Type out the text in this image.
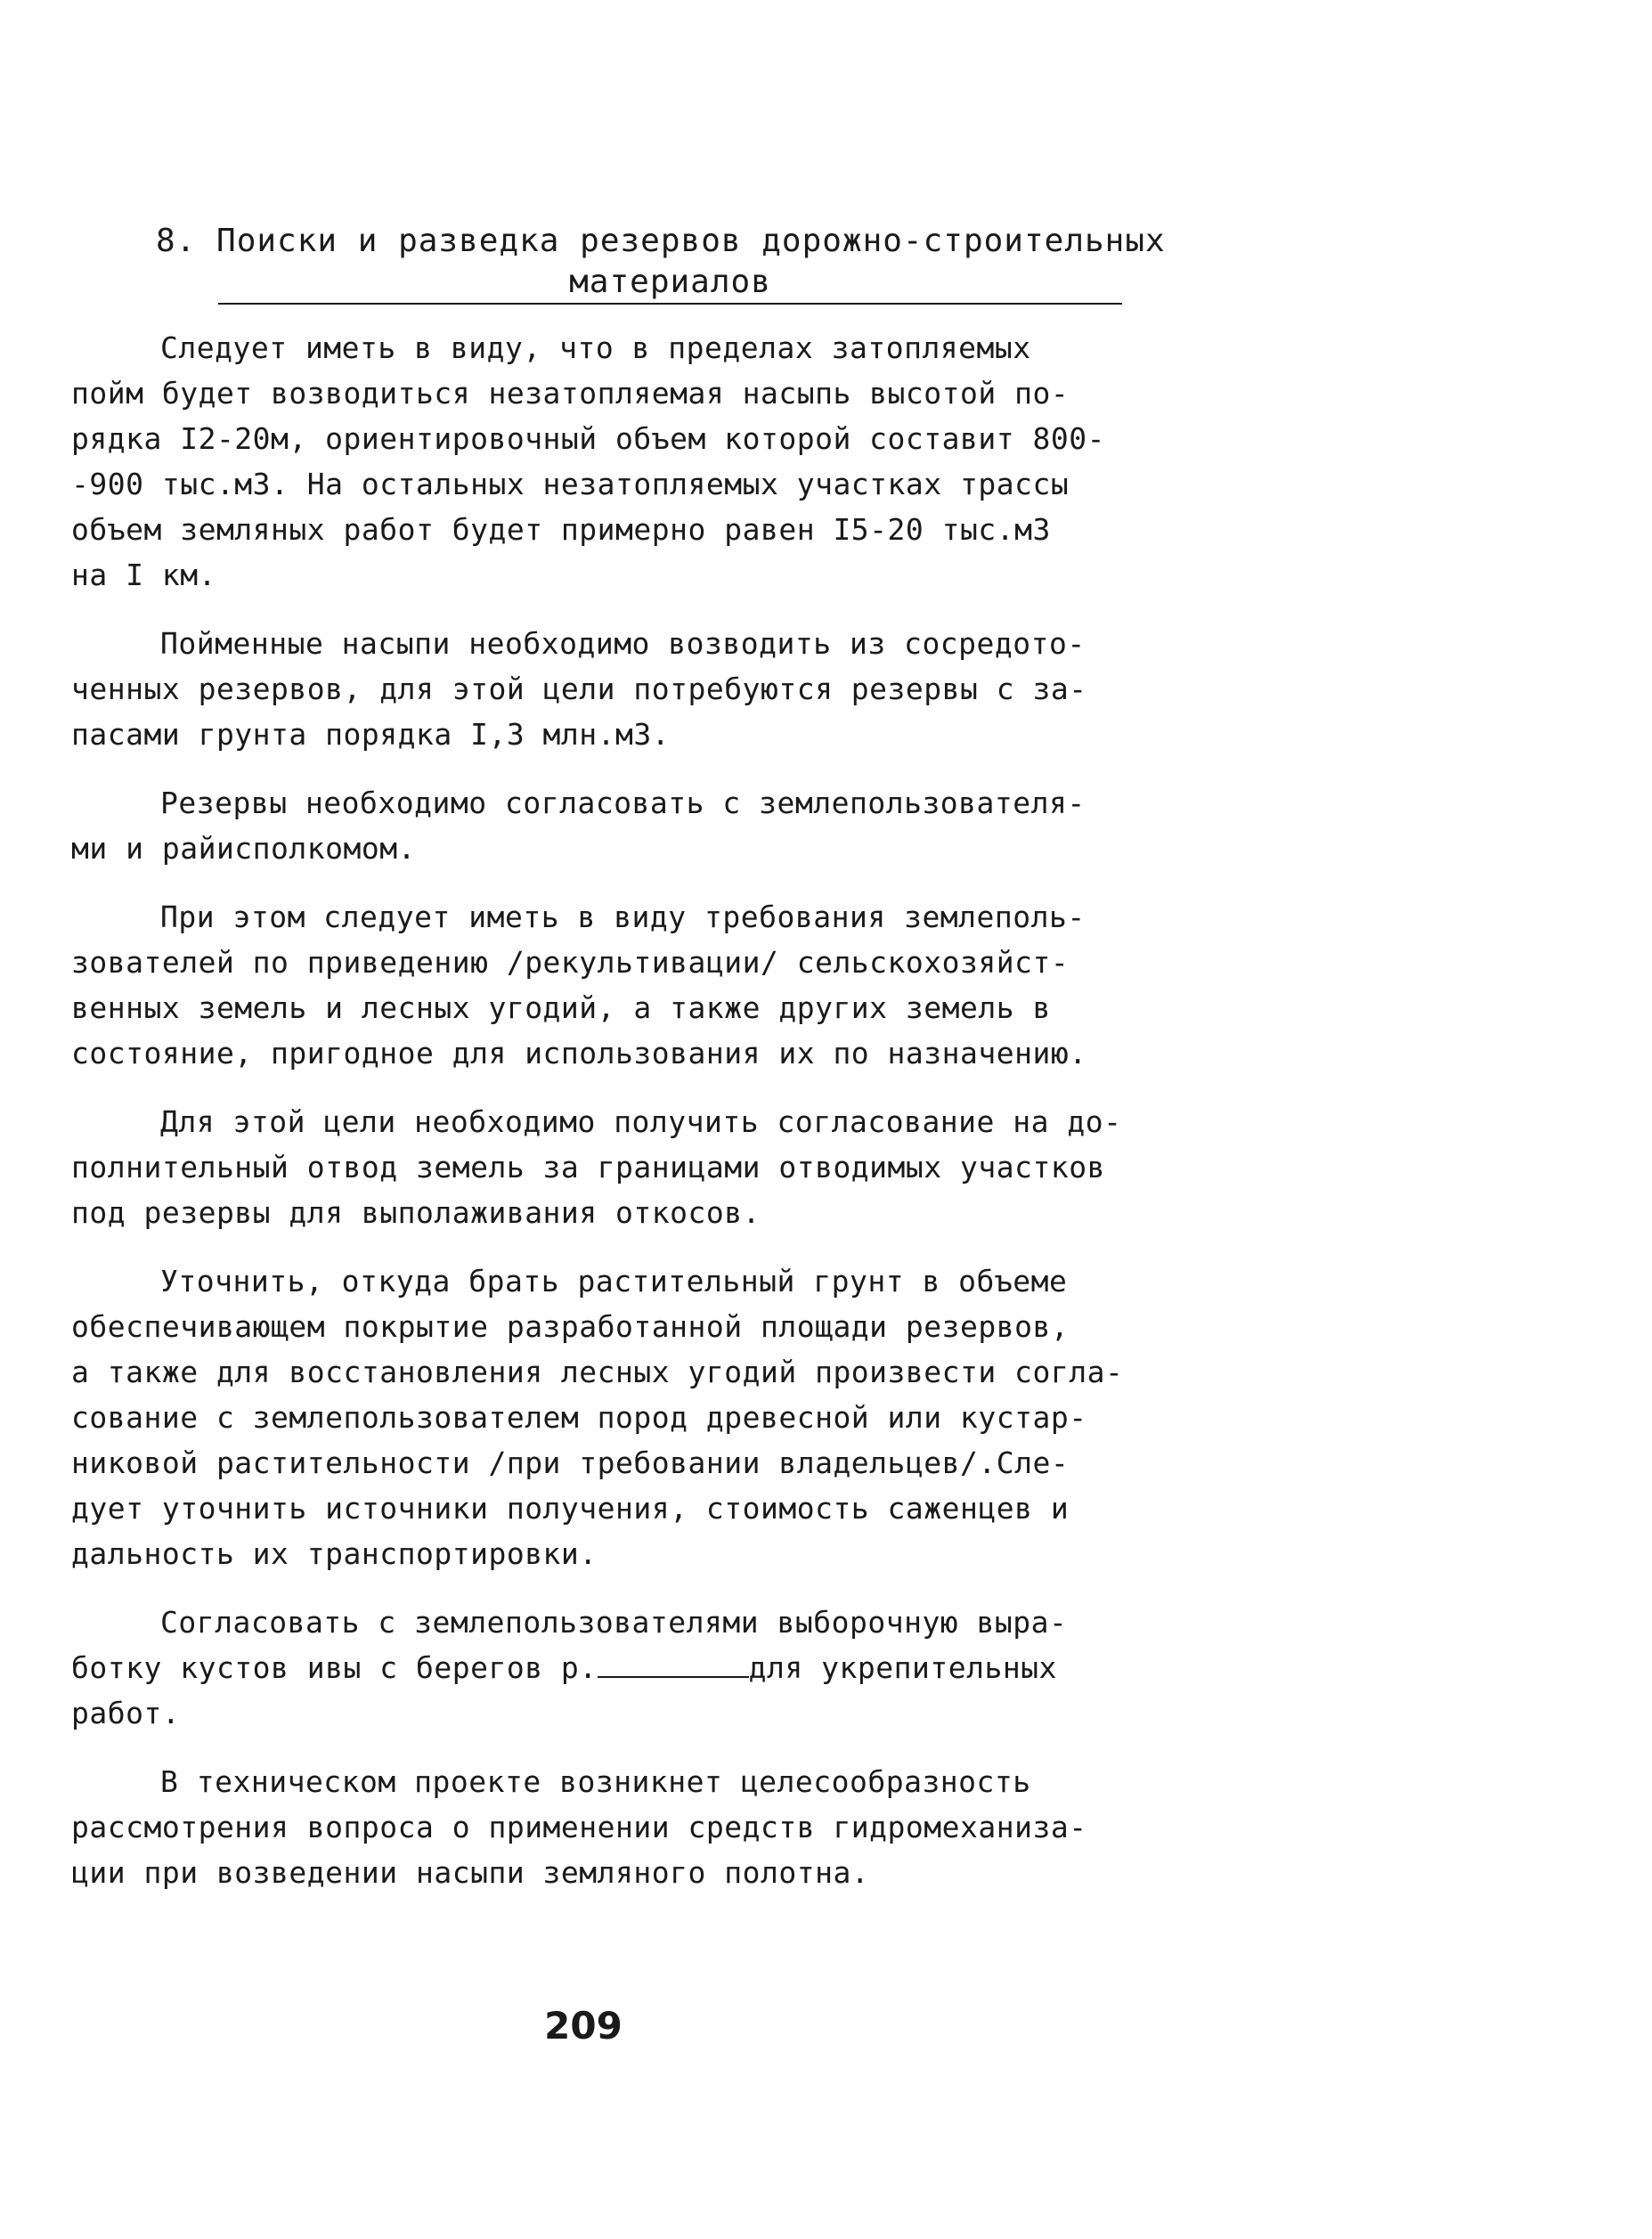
8. Поиски и разведка резервов дорожно-строительных
материалов
Следует иметь в виду, что в пределах затопляемых
пойм будет возводиться незатопляемая насыпь высотой по-
рядка I2-20м, ориентировочный объем которой составит 800-
-900 тыс.м3. На остальных незатопляемых участках трассы
объем земляных работ будет примерно равен I5-20 тыс.м3
на I км.
Пойменные насыпи необходимо возводить из сосредото-
ченных резервов, для этой цели потребуются резервы с за-
пасами грунта порядка I,3 млн.м3.
Резервы необходимо согласовать с землепользователя-
ми и райисполкомом.
При этом следует иметь в виду требования землеполь-
зователей по приведению /рекультивации/ сельскохозяйст-
венных земель и лесных угодий, а также других земель в
состояние, пригодное для использования их по назначению.
Для этой цели необходимо получить согласование на до-
полнительный отвод земель за границами отводимых участков
под резервы для выполаживания откосов.
Уточнить, откуда брать растительный грунт в объеме
обеспечивающем покрытие разработанной площади резервов,
а также для восстановления лесных угодий произвести согла-
сование с землепользователем пород древесной или кустар-
никовой растительности /при требовании владельцев/.Сле-
дует уточнить источники получения, стоимость саженцев и
дальность их транспортировки.
Согласовать с землепользователями выборочную выра-
ботку кустов ивы с берегов р.	для укрепительных
работ.
В техническом проекте возникнет целесообразность
рассмотрения вопроса о применении средств гидромеханиза-
ции при возведении насыпи земляного полотна.
209
